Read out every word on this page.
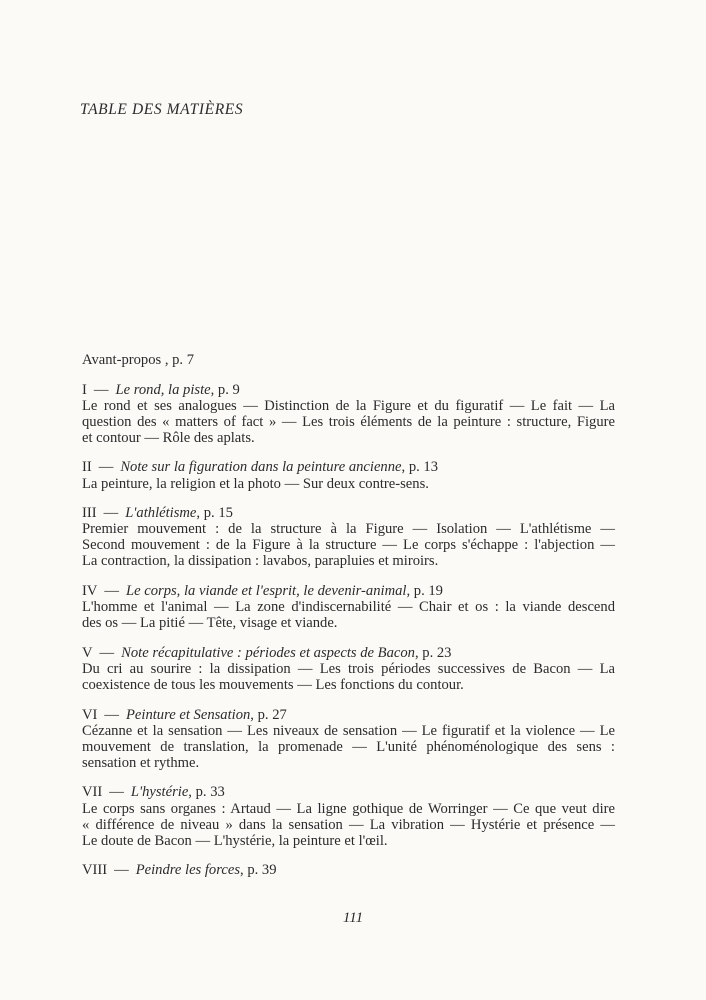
TABLE DES MATIÈRES
Avant-propos , p. 7
I — Le rond, la piste, p. 9
Le rond et ses analogues — Distinction de la Figure et du figuratif — Le fait — La
question des « matters of fact » — Les trois éléments de la peinture : structure, Figure
et contour — Rôle des aplats.
II — Note sur la figuration dans la peinture ancienne, p. 13
La peinture, la religion et la photo — Sur deux contre-sens.
III — L'athlétisme, p. 15
Premier mouvement : de la structure à la Figure — Isolation — L'athlétisme —
Second mouvement : de la Figure à la structure — Le corps s'échappe : l'abjection —
La contraction, la dissipation : lavabos, parapluies et miroirs.
IV — Le corps, la viande et l'esprit, le devenir-animal, p. 19
L'homme et l'animal — La zone d'indiscernabilité — Chair et os : la viande descend
des os — La pitié — Tête, visage et viande.
V — Note récapitulative : périodes et aspects de Bacon, p. 23
Du cri au sourire : la dissipation — Les trois périodes successives de Bacon — La
coexistence de tous les mouvements — Les fonctions du contour.
VI — Peinture et Sensation, p. 27
Cézanne et la sensation — Les niveaux de sensation — Le figuratif et la violence — Le
mouvement de translation, la promenade — L'unité phénoménologique des sens :
sensation et rythme.
VII — L'hystérie, p. 33
Le corps sans organes : Artaud — La ligne gothique de Worringer — Ce que veut dire
« différence de niveau » dans la sensation — La vibration — Hystérie et présence —
Le doute de Bacon — L'hystérie, la peinture et l'œil.
VIII — Peindre les forces, p. 39
111
